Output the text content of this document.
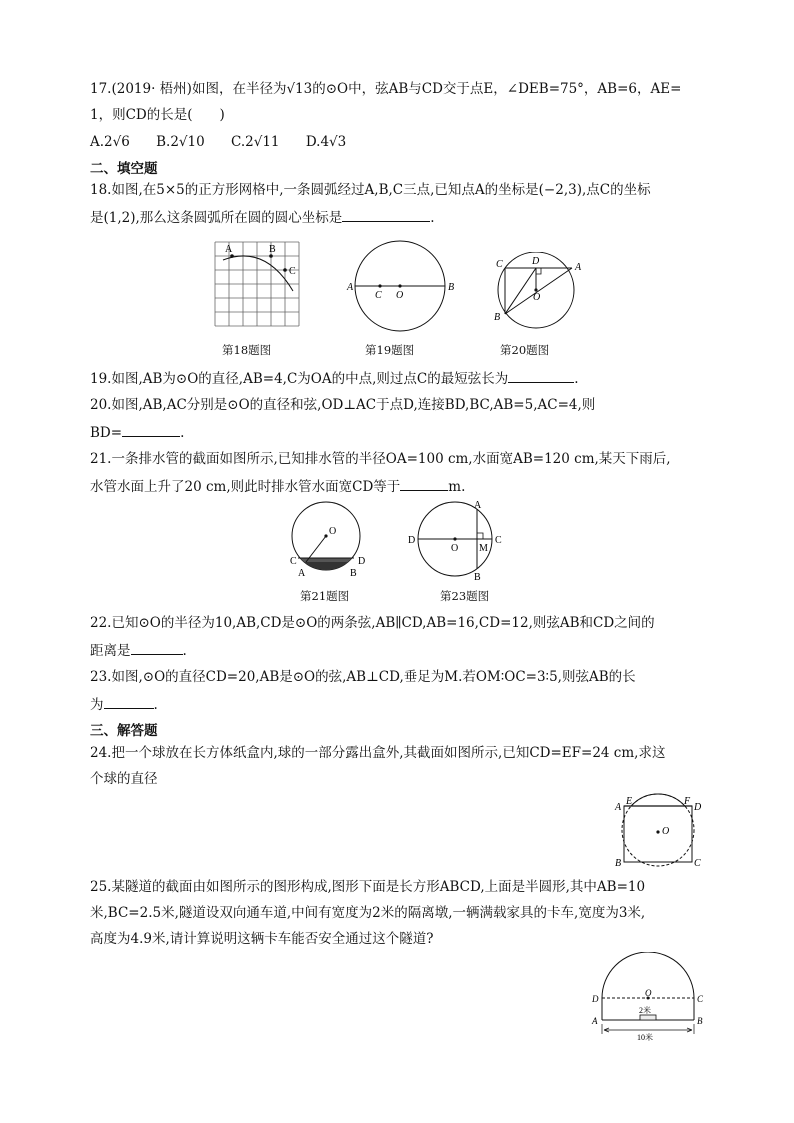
17.(2019· 梧州)如图，在半径为√13的⊙O中，弦AB与CD交于点E，∠DEB=75°，AB=6，AE=
1，则CD的长是(　　)
A.2√6 B.2√10 C.2√11 D.4√3
二、填空题
18.如图,在5×5的正方形网格中,一条圆弧经过A,B,C三点,已知点A的坐标是(−2,3),点C的坐标
是(1,2),那么这条圆弧所在圆的圆心坐标是	.
A	B
C
第18题图
A
C O
B
第19题图
C	D
A
O
B
第20题图
19.如图,AB为⊙O的直径,AB=4,C为OA的中点,则过点C的最短弦长为	.
20.如图,AB,AC分别是⊙O的直径和弦,OD⊥AC于点D,连接BD,BC,AB=5,AC=4,则
BD=	.
21.一条排水管的截面如图所示,已知排水管的半径OA=100 cm,水面宽AB=120 cm,某天下雨后,
水管水面上升了20 cm,则此时排水管水面宽CD等于	m.
O
C
A	B
D
第21题图
A
D
O M
C
B
第23题图
22.已知⊙O的半径为10,AB,CD是⊙O的两条弦,AB∥CD,AB=16,CD=12,则弦AB和CD之间的
距离是	.
23.如图,⊙O的直径CD=20,AB是⊙O的弦,AB⊥CD,垂足为M.若OM∶OC=3∶5,则弦AB的长
为	.
三、解答题
24.把一个球放在长方体纸盒内,球的一部分露出盒外,其截面如图所示,已知CD=EF=24 cm,求这
个球的直径
A
E	F
D
O
B	C
25.某隧道的截面由如图所示的图形构成,图形下面是长方形ABCD,上面是半圆形,其中AB=10
米,BC=2.5米,隧道设双向通车道,中间有宽度为2米的隔离墩,一辆满载家具的卡车,宽度为3米,
高度为4.9米,请计算说明这辆卡车能否安全通过这个隧道?
O
D	C
A	B
2米
10米
